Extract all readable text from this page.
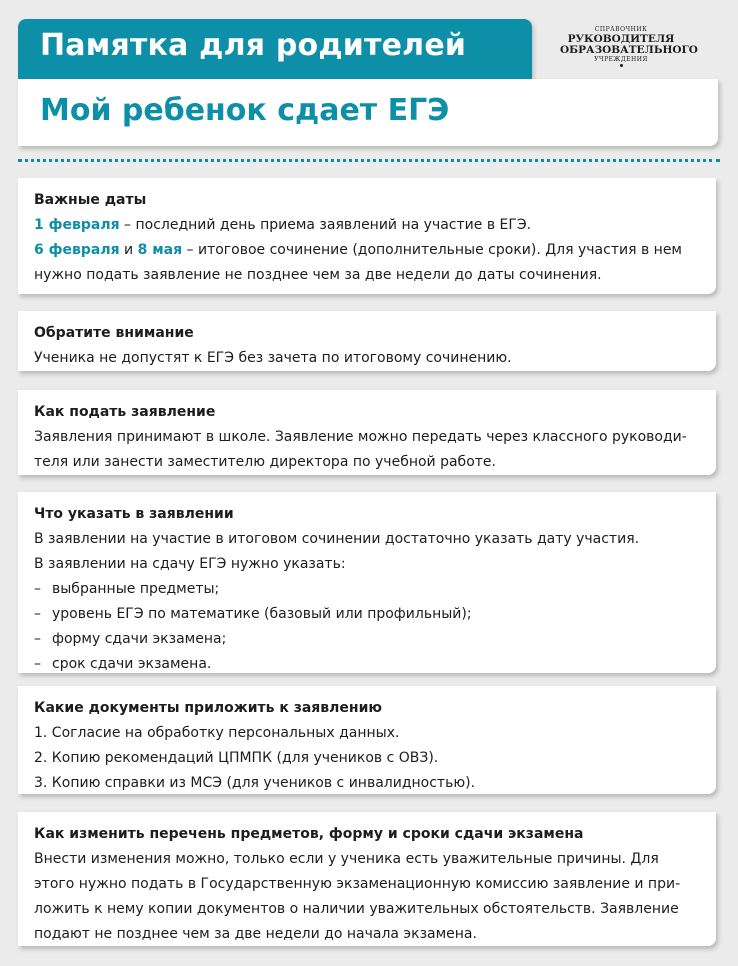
Памятка для родителей	СПРАВОЧНИК
РУКОВОДИТЕЛЯ
ОБРАЗОВАТЕЛЬНОГО
УЧРЕЖДЕНИЯ
Мой ребенок сдает ЕГЭ
Важные даты

1 февраля – последний день приема заявлений на участие в ЕГЭ.

6 февраля и 8 мая – итоговое сочинение (дополнительные сроки). Для участия в нем

нужно подать заявление не позднее чем за две недели до даты сочинения.

Обратите внимание

Ученика не допустят к ЕГЭ без зачета по итоговому сочинению.

Как подать заявление

Заявления принимают в школе. Заявление можно передать через классного руководи-

теля или занести заместителю директора по учебной работе.

Что указать в заявлении

В заявлении на участие в итоговом сочинении достаточно указать дату участия.

В заявлении на сдачу ЕГЭ нужно указать:

– выбранные предметы;

– уровень ЕГЭ по математике (базовый или профильный);

– форму сдачи экзамена;

– срок сдачи экзамена.

Какие документы приложить к заявлению

1. Согласие на обработку персональных данных.

2. Копию рекомендаций ЦПМПК (для учеников с ОВЗ).

3. Копию справки из МСЭ (для учеников с инвалидностью).

Как изменить перечень предметов, форму и сроки сдачи экзамена

Внести изменения можно, только если у ученика есть уважительные причины. Для

этого нужно подать в Государственную экзаменационную комиссию заявление и при-

ложить к нему копии документов о наличии уважительных обстоятельств. Заявление

подают не позднее чем за две недели до начала экзамена.
